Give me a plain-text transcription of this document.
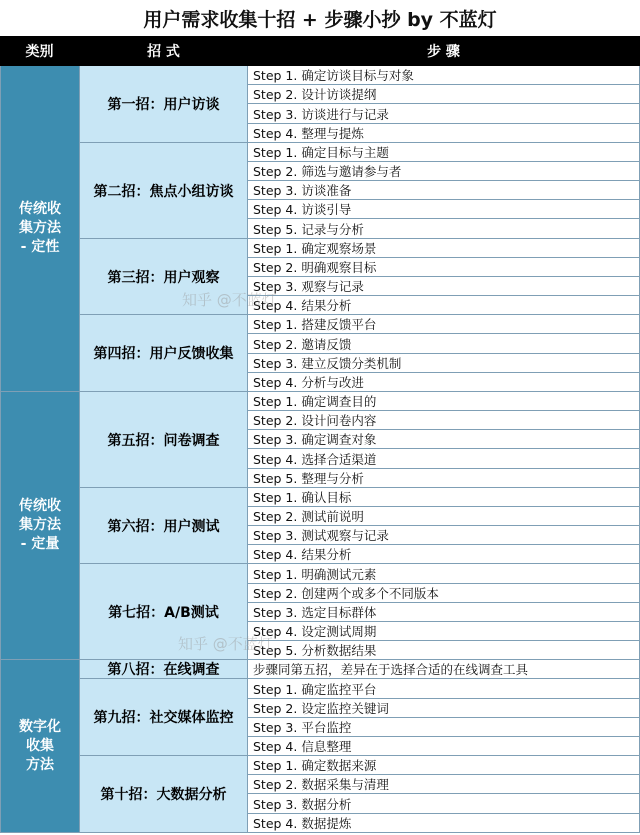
用户需求收集十招 + 步骤小抄 by 不蓝灯
类别	招 式	步 骤
Step 1. 确定访谈目标与对象
Step 2. 设计访谈提纲
Step 3. 访谈进行与记录
Step 4. 整理与提炼
第一招：用户访谈
Step 1. 确定目标与主题
Step 2. 筛选与邀请参与者
Step 3. 访谈准备
Step 4. 访谈引导
Step 5. 记录与分析
第二招：焦点小组访谈
Step 1. 确定观察场景
Step 2. 明确观察目标
Step 3. 观察与记录
Step 4. 结果分析
第三招：用户观察
Step 1. 搭建反馈平台
Step 2. 邀请反馈
Step 3. 建立反馈分类机制
Step 4. 分析与改进
第四招：用户反馈收集
传统收
集方法
- 定性
Step 1. 确定调查目的
Step 2. 设计问卷内容
Step 3. 确定调查对象
Step 4. 选择合适渠道
Step 5. 整理与分析
第五招：问卷调查
Step 1. 确认目标
Step 2. 测试前说明
Step 3. 测试观察与记录
Step 4. 结果分析
第六招：用户测试
Step 1. 明确测试元素
Step 2. 创建两个或多个不同版本
Step 3. 选定目标群体
Step 4. 设定测试周期
Step 5. 分析数据结果
第七招：A/B测试
传统收
集方法
- 定量
步骤同第五招，差异在于选择合适的在线调查工具
第八招：在线调查
Step 1. 确定监控平台
Step 2. 设定监控关键词
Step 3. 平台监控
Step 4. 信息整理
第九招：社交媒体监控
Step 1. 确定数据来源
Step 2. 数据采集与清理
Step 3. 数据分析
Step 4. 数据提炼
第十招：大数据分析
数字化
收集
方法
知乎 @不蓝灯
知乎 @不蓝灯
